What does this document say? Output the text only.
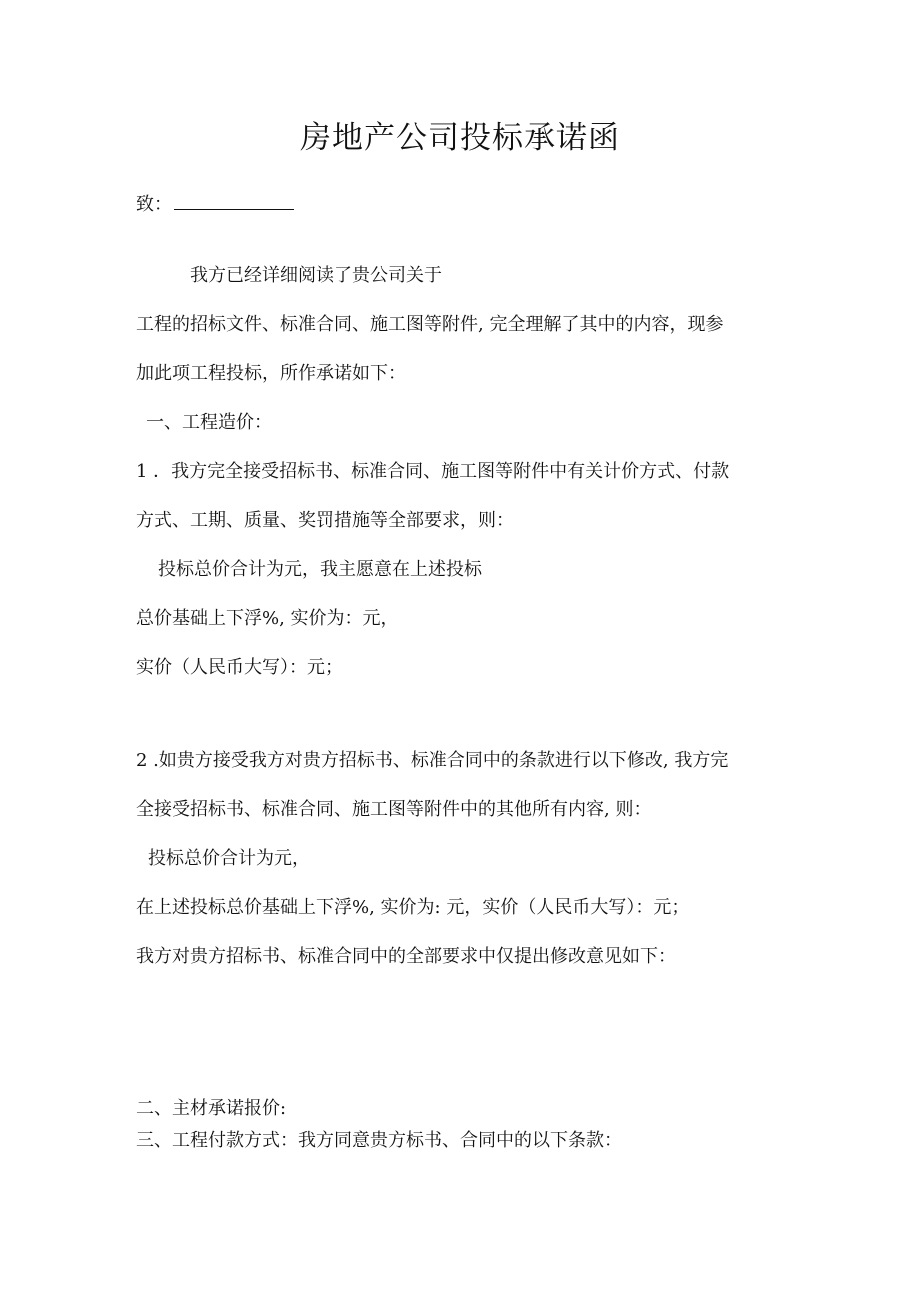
房地产公司投标承诺函

致：

我方已经详细阅读了贵公司关于

工程的招标文件、标准合同、施工图等附件, 完全理解了其中的内容，现参

加此项工程投标，所作承诺如下：

一、工程造价：

1 ．我方完全接受招标书、标准合同、施工图等附件中有关计价方式、付款

方式、工期、质量、奖罚措施等全部要求，则：

投标总价合计为元，我主愿意在上述投标

总价基础上下浮%, 实价为：元，

实价（人民币大写）：元；

2 .如贵方接受我方对贵方招标书、标准合同中的条款进行以下修改, 我方完

全接受招标书、标准合同、施工图等附件中的其他所有内容, 则：

投标总价合计为元，

在上述投标总价基础上下浮%, 实价为: 元，实价（人民币大写）：元；

我方对贵方招标书、标准合同中的全部要求中仅提出修改意见如下：

二、主材承诺报价:

三、工程付款方式：我方同意贵方标书、合同中的以下条款：
